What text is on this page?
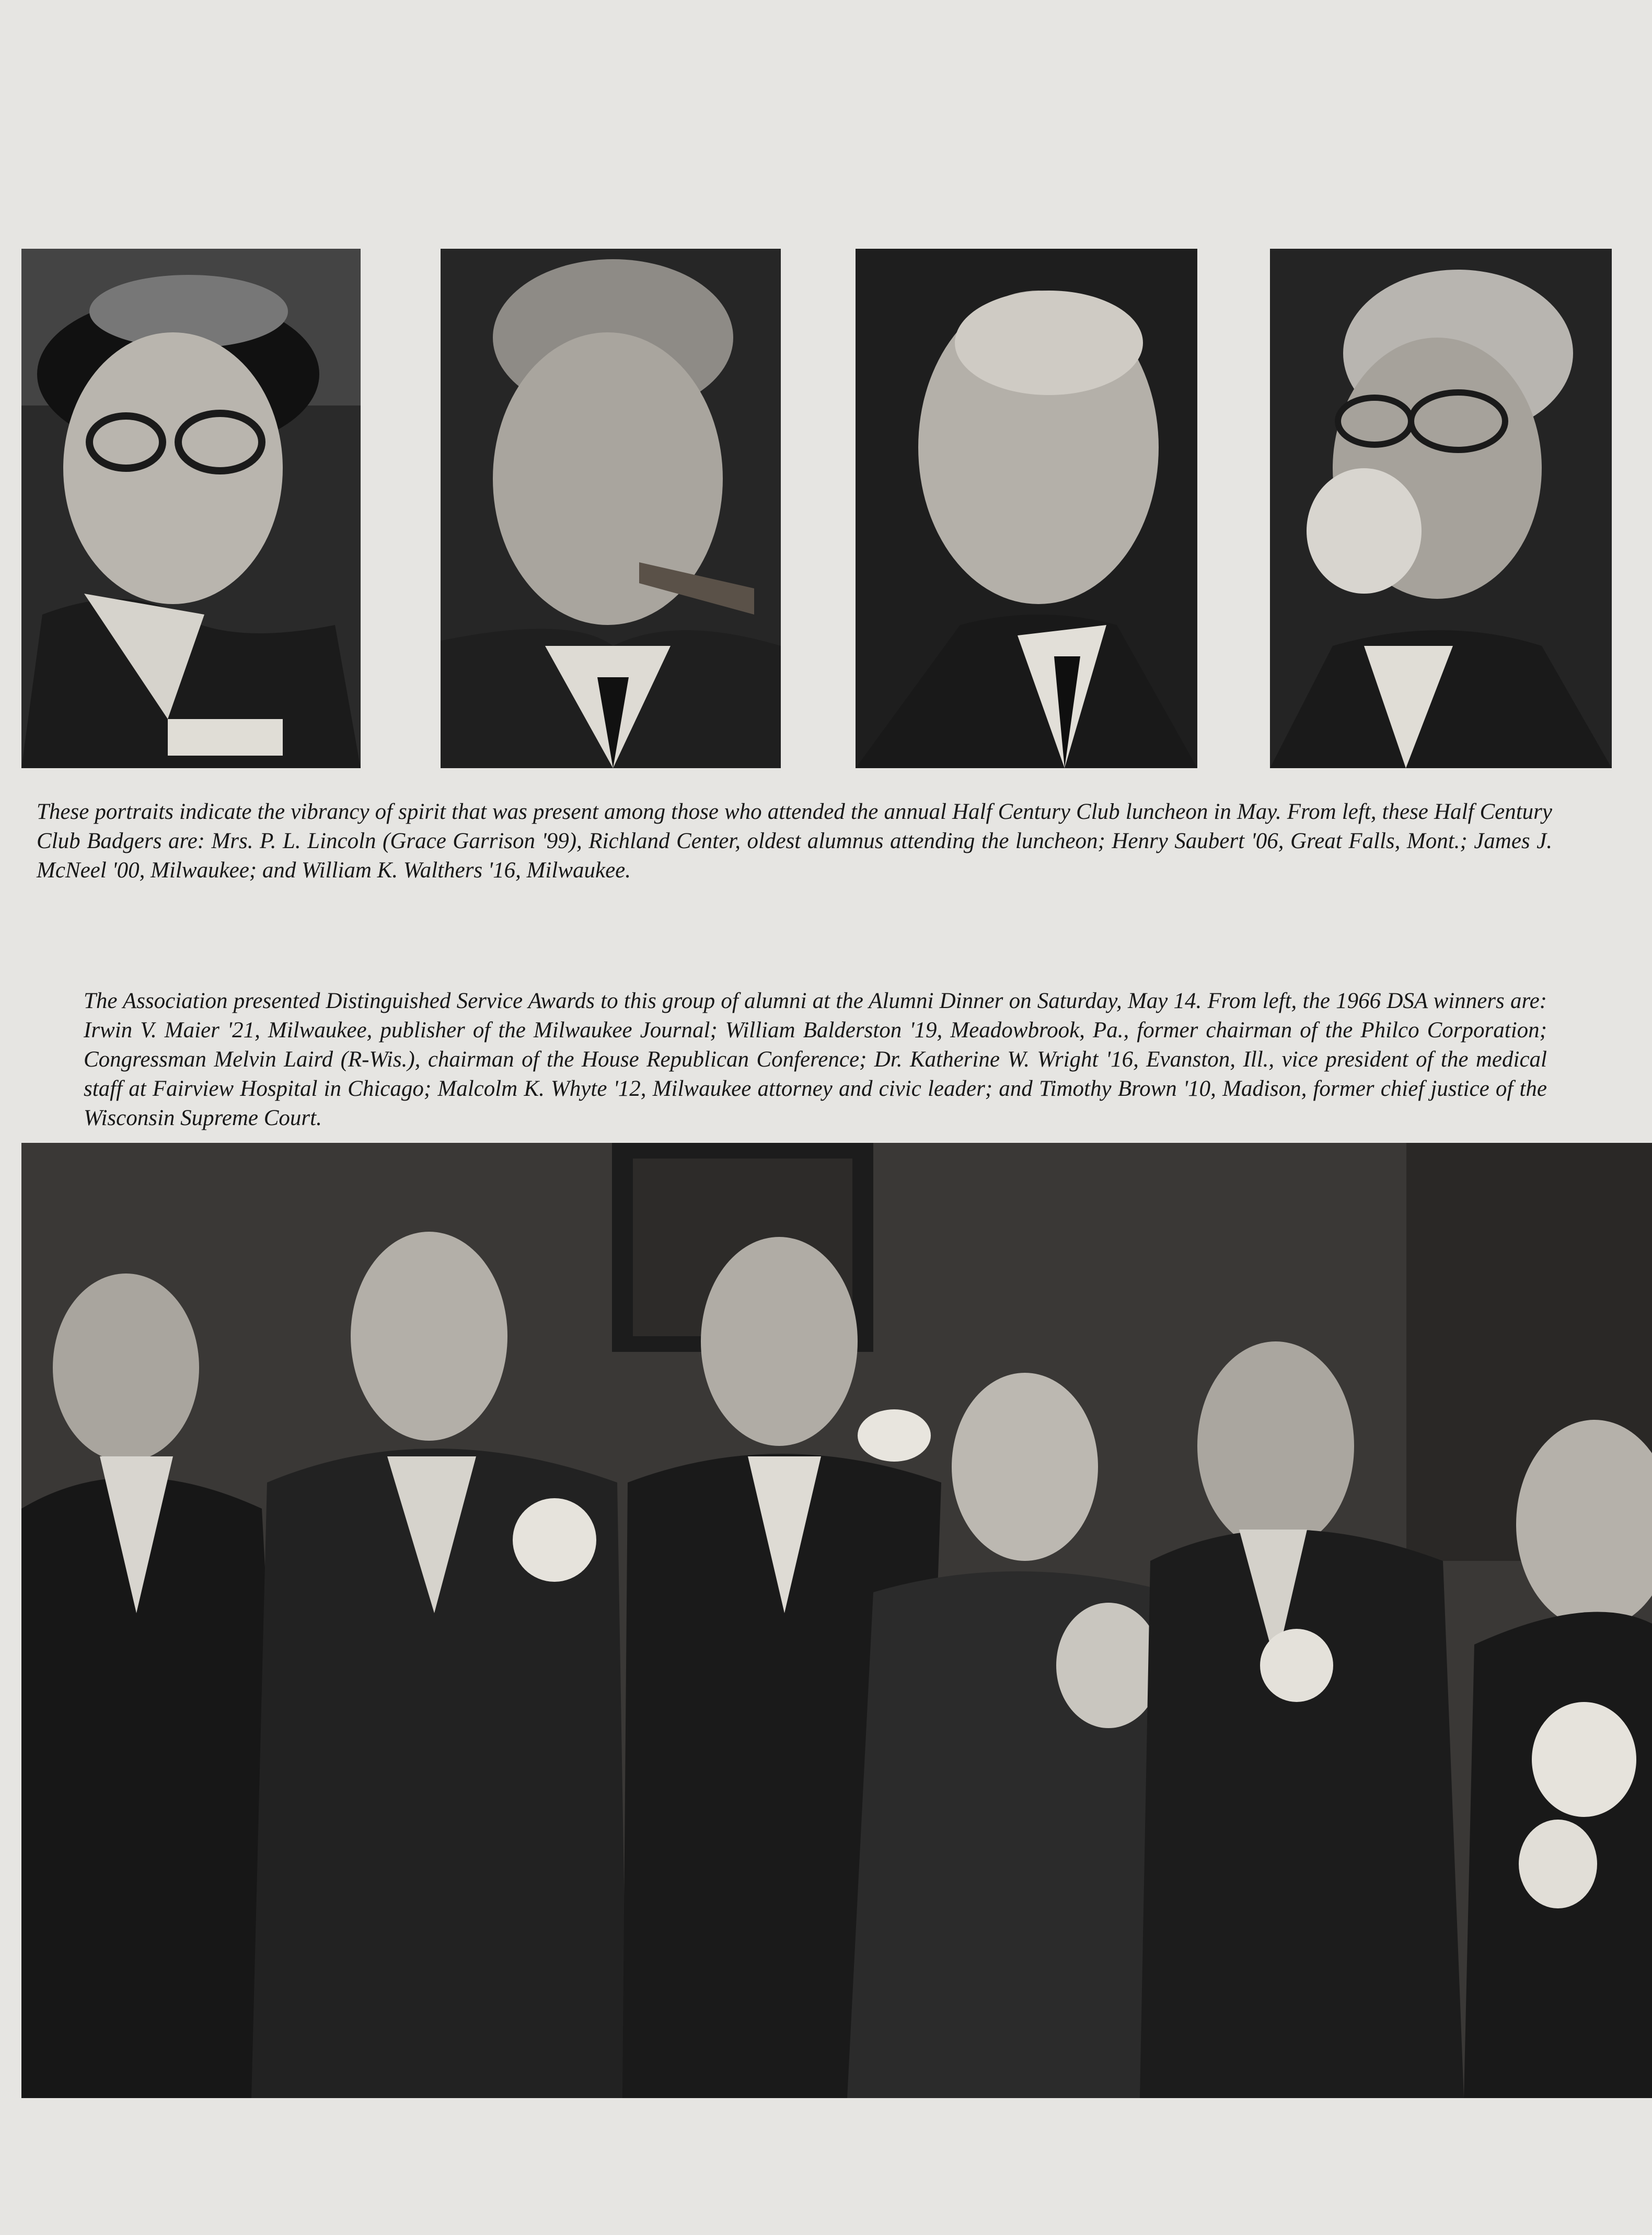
These portraits indicate the vibrancy of spirit that was present among those who attended the annual Half Century Club luncheon in May. From left, these Half Century Club Badgers are: Mrs. P. L. Lincoln (Grace Garrison '99), Richland Center, oldest alumnus attending the luncheon; Henry Saubert '06, Great Falls, Mont.; James J. McNeel '00, Milwaukee; and William K. Walthers '16, Milwaukee.

The Association presented Distinguished Service Awards to this group of alumni at the Alumni Dinner on Saturday, May 14. From left, the 1966 DSA winners are: Irwin V. Maier '21, Milwaukee, publisher of the Milwaukee Journal; William Balderston '19, Meadowbrook, Pa., former chairman of the Philco Corporation; Congressman Melvin Laird (R-Wis.), chairman of the House Republican Conference; Dr. Katherine W. Wright '16, Evanston, Ill., vice president of the medical staff at Fairview Hospital in Chicago; Malcolm K. Whyte '12, Milwaukee attorney and civic leader; and Timothy Brown '10, Madison, former chief justice of the Wisconsin Supreme Court.
